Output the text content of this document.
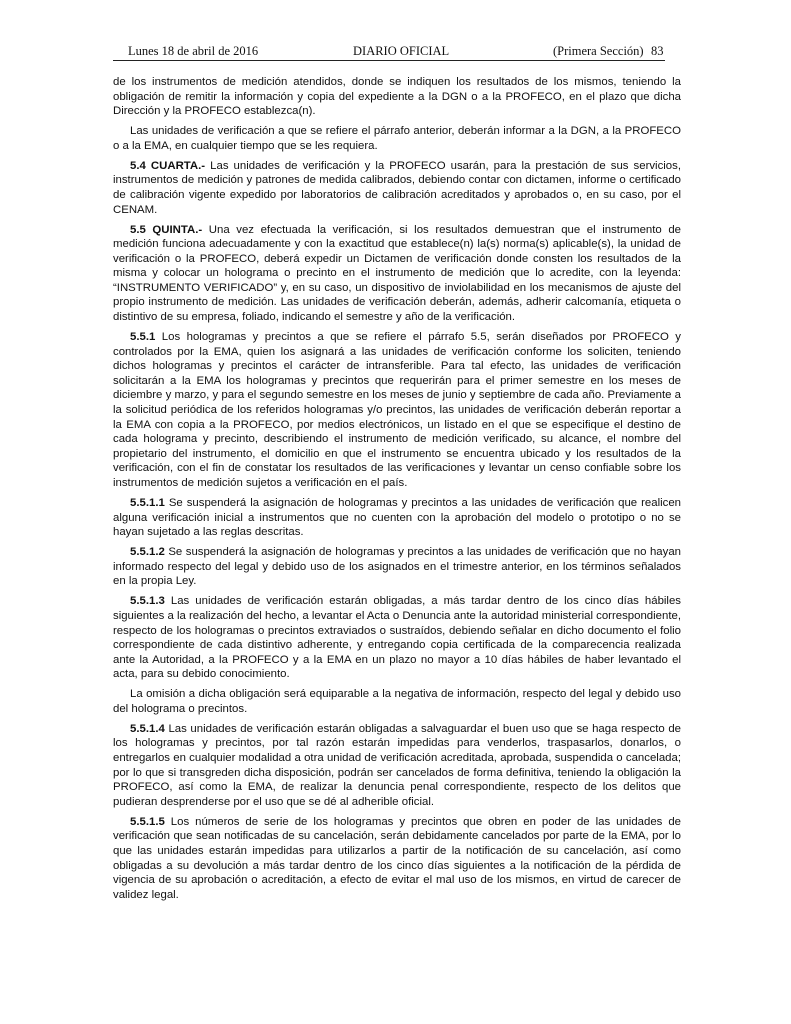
Lunes 18 de abril de 2016	DIARIO OFICIAL	(Primera Sección) 83

de los instrumentos de medición atendidos, donde se indiquen los resultados de los mismos, teniendo la obligación de remitir la información y copia del expediente a la DGN o a la PROFECO, en el plazo que dicha Dirección y la PROFECO establezca(n).

Las unidades de verificación a que se refiere el párrafo anterior, deberán informar a la DGN, a la PROFECO o a la EMA, en cualquier tiempo que se les requiera.

5.4 CUARTA.- Las unidades de verificación y la PROFECO usarán, para la prestación de sus servicios, instrumentos de medición y patrones de medida calibrados, debiendo contar con dictamen, informe o certificado de calibración vigente expedido por laboratorios de calibración acreditados y aprobados o, en su caso, por el CENAM.

5.5 QUINTA.- Una vez efectuada la verificación, si los resultados demuestran que el instrumento de medición funciona adecuadamente y con la exactitud que establece(n) la(s) norma(s) aplicable(s), la unidad de verificación o la PROFECO, deberá expedir un Dictamen de verificación donde consten los resultados de la misma y colocar un holograma o precinto en el instrumento de medición que lo acredite, con la leyenda: “INSTRUMENTO VERIFICADO” y, en su caso, un dispositivo de inviolabilidad en los mecanismos de ajuste del propio instrumento de medición. Las unidades de verificación deberán, además, adherir calcomanía, etiqueta o distintivo de su empresa, foliado, indicando el semestre y año de la verificación.

5.5.1 Los hologramas y precintos a que se refiere el párrafo 5.5, serán diseñados por PROFECO y controlados por la EMA, quien los asignará a las unidades de verificación conforme los soliciten, teniendo dichos hologramas y precintos el carácter de intransferible. Para tal efecto, las unidades de verificación solicitarán a la EMA los hologramas y precintos que requerirán para el primer semestre en los meses de diciembre y marzo, y para el segundo semestre en los meses de junio y septiembre de cada año. Previamente a la solicitud periódica de los referidos hologramas y/o precintos, las unidades de verificación deberán reportar a la EMA con copia a la PROFECO, por medios electrónicos, un listado en el que se especifique el destino de cada holograma y precinto, describiendo el instrumento de medición verificado, su alcance, el nombre del propietario del instrumento, el domicilio en que el instrumento se encuentra ubicado y los resultados de la verificación, con el fin de constatar los resultados de las verificaciones y levantar un censo confiable sobre los instrumentos de medición sujetos a verificación en el país.

5.5.1.1 Se suspenderá la asignación de hologramas y precintos a las unidades de verificación que realicen alguna verificación inicial a instrumentos que no cuenten con la aprobación del modelo o prototipo o no se hayan sujetado a las reglas descritas.

5.5.1.2 Se suspenderá la asignación de hologramas y precintos a las unidades de verificación que no hayan informado respecto del legal y debido uso de los asignados en el trimestre anterior, en los términos señalados en la propia Ley.

5.5.1.3 Las unidades de verificación estarán obligadas, a más tardar dentro de los cinco días hábiles siguientes a la realización del hecho, a levantar el Acta o Denuncia ante la autoridad ministerial correspondiente, respecto de los hologramas o precintos extraviados o sustraídos, debiendo señalar en dicho documento el folio correspondiente de cada distintivo adherente, y entregando copia certificada de la comparecencia realizada ante la Autoridad, a la PROFECO y a la EMA en un plazo no mayor a 10 días hábiles de haber levantado el acta, para su debido conocimiento.

La omisión a dicha obligación será equiparable a la negativa de información, respecto del legal y debido uso del holograma o precintos.

5.5.1.4 Las unidades de verificación estarán obligadas a salvaguardar el buen uso que se haga respecto de los hologramas y precintos, por tal razón estarán impedidas para venderlos, traspasarlos, donarlos, o entregarlos en cualquier modalidad a otra unidad de verificación acreditada, aprobada, suspendida o cancelada; por lo que si transgreden dicha disposición, podrán ser cancelados de forma definitiva, teniendo la obligación la PROFECO, así como la EMA, de realizar la denuncia penal correspondiente, respecto de los delitos que pudieran desprenderse por el uso que se dé al adherible oficial.

5.5.1.5 Los números de serie de los hologramas y precintos que obren en poder de las unidades de verificación que sean notificadas de su cancelación, serán debidamente cancelados por parte de la EMA, por lo que las unidades estarán impedidas para utilizarlos a partir de la notificación de su cancelación, así como obligadas a su devolución a más tardar dentro de los cinco días siguientes a la notificación de la pérdida de vigencia de su aprobación o acreditación, a efecto de evitar el mal uso de los mismos, en virtud de carecer de validez legal.
